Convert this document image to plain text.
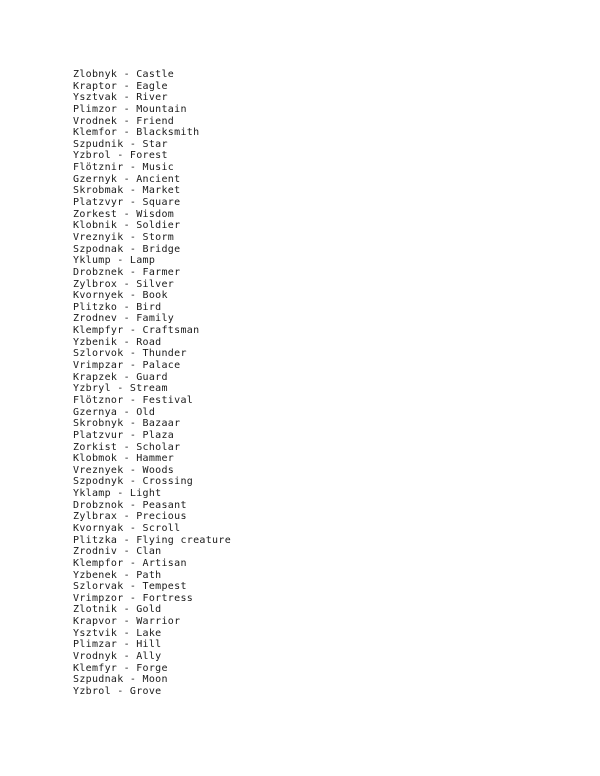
Zlobnyk - Castle
Kraptor - Eagle
Ysztvak - River
Plimzor - Mountain
Vrodnek - Friend
Klemfor - Blacksmith
Szpudnik - Star
Yzbrol - Forest
Flötznir - Music
Gzernyk - Ancient
Skrobmak - Market
Platzvyr - Square
Zorkest - Wisdom
Klobnik - Soldier
Vreznyik - Storm
Szpodnak - Bridge
Yklump - Lamp
Drobznek - Farmer
Zylbrox - Silver
Kvornyek - Book
Plitzko - Bird
Zrodnev - Family
Klempfyr - Craftsman
Yzbenik - Road
Szlorvok - Thunder
Vrimpzar - Palace
Krapzek - Guard
Yzbryl - Stream
Flötznor - Festival
Gzernya - Old
Skrobnyk - Bazaar
Platzvur - Plaza
Zorkist - Scholar
Klobmok - Hammer
Vreznyek - Woods
Szpodnyk - Crossing
Yklamp - Light
Drobznok - Peasant
Zylbrax - Precious
Kvornyak - Scroll
Plitzka - Flying creature
Zrodniv - Clan
Klempfor - Artisan
Yzbenek - Path
Szlorvak - Tempest
Vrimpzor - Fortress
Zlotnik - Gold
Krapvor - Warrior
Ysztvik - Lake
Plimzar - Hill
Vrodnyk - Ally
Klemfyr - Forge
Szpudnak - Moon
Yzbrol - Grove
